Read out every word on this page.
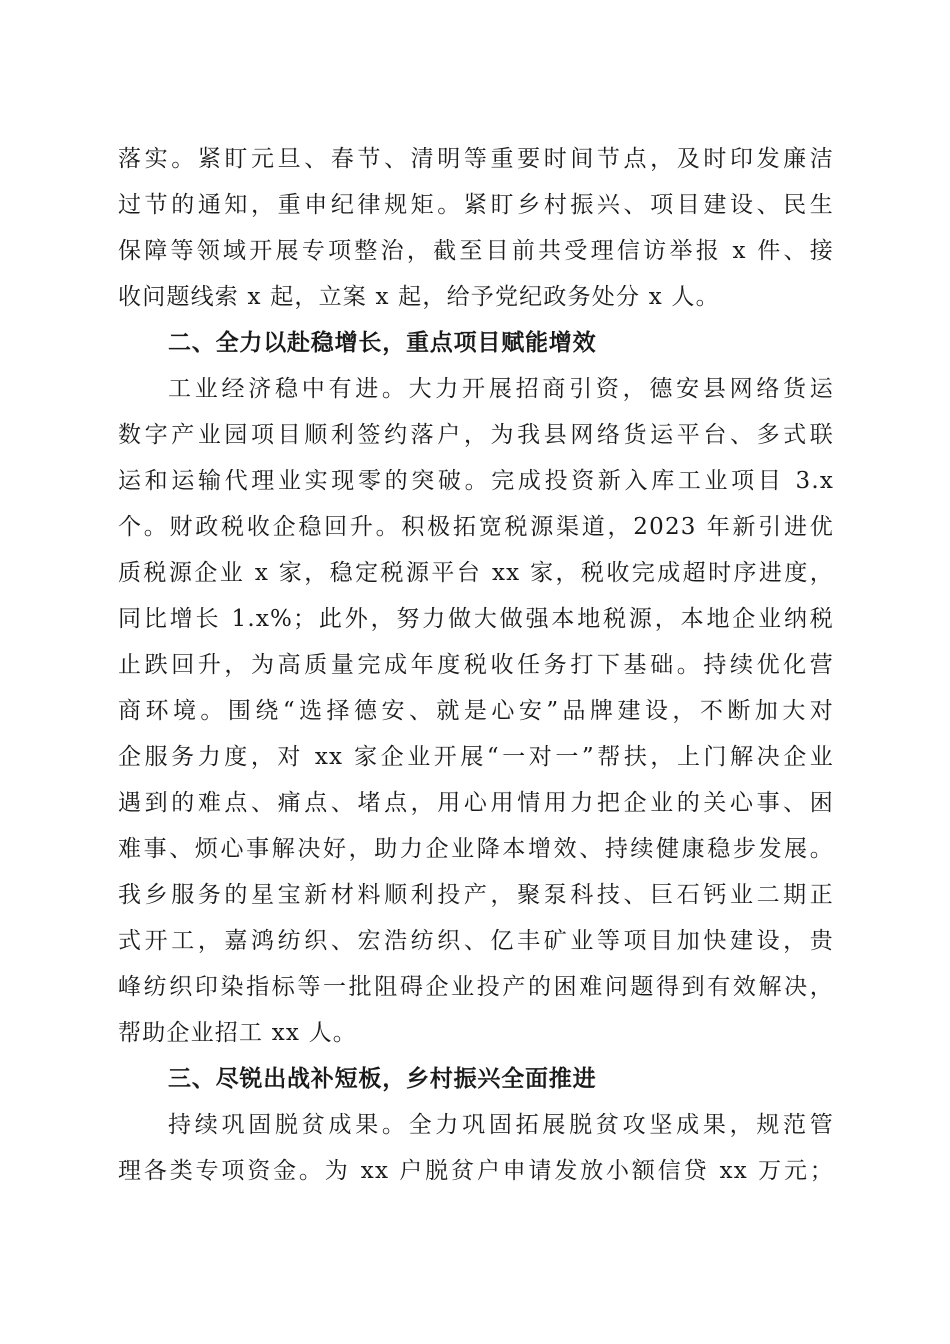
落实。紧盯元旦、春节、清明等重要时间节点，及时印发廉洁
过节的通知，重申纪律规矩。紧盯乡村振兴、项目建设、民生
保障等领域开展专项整治，截至目前共受理信访举报 x 件、接
收问题线索 x 起，立案 x 起，给予党纪政务处分 x 人。
二、全力以赴稳增长，重点项目赋能增效
工业经济稳中有进。大力开展招商引资，德安县网络货运
数字产业园项目顺利签约落户，为我县网络货运平台、多式联
运和运输代理业实现零的突破。完成投资新入库工业项目 3.x
个。财政税收企稳回升。积极拓宽税源渠道，2023 年新引进优
质税源企业 x 家，稳定税源平台 xx 家，税收完成超时序进度，
同比增长 1.x%；此外，努力做大做强本地税源，本地企业纳税
止跌回升，为高质量完成年度税收任务打下基础。持续优化营
商环境。围绕“选择德安、就是心安”品牌建设，不断加大对
企服务力度，对 xx 家企业开展“一对一”帮扶，上门解决企业
遇到的难点、痛点、堵点，用心用情用力把企业的关心事、困
难事、烦心事解决好，助力企业降本增效、持续健康稳步发展。
我乡服务的星宝新材料顺利投产，聚泵科技、巨石钙业二期正
式开工，嘉鸿纺织、宏浩纺织、亿丰矿业等项目加快建设，贵
峰纺织印染指标等一批阻碍企业投产的困难问题得到有效解决，
帮助企业招工 xx 人。
三、尽锐出战补短板，乡村振兴全面推进
持续巩固脱贫成果。全力巩固拓展脱贫攻坚成果，规范管
理各类专项资金。为 xx 户脱贫户申请发放小额信贷 xx 万元；
